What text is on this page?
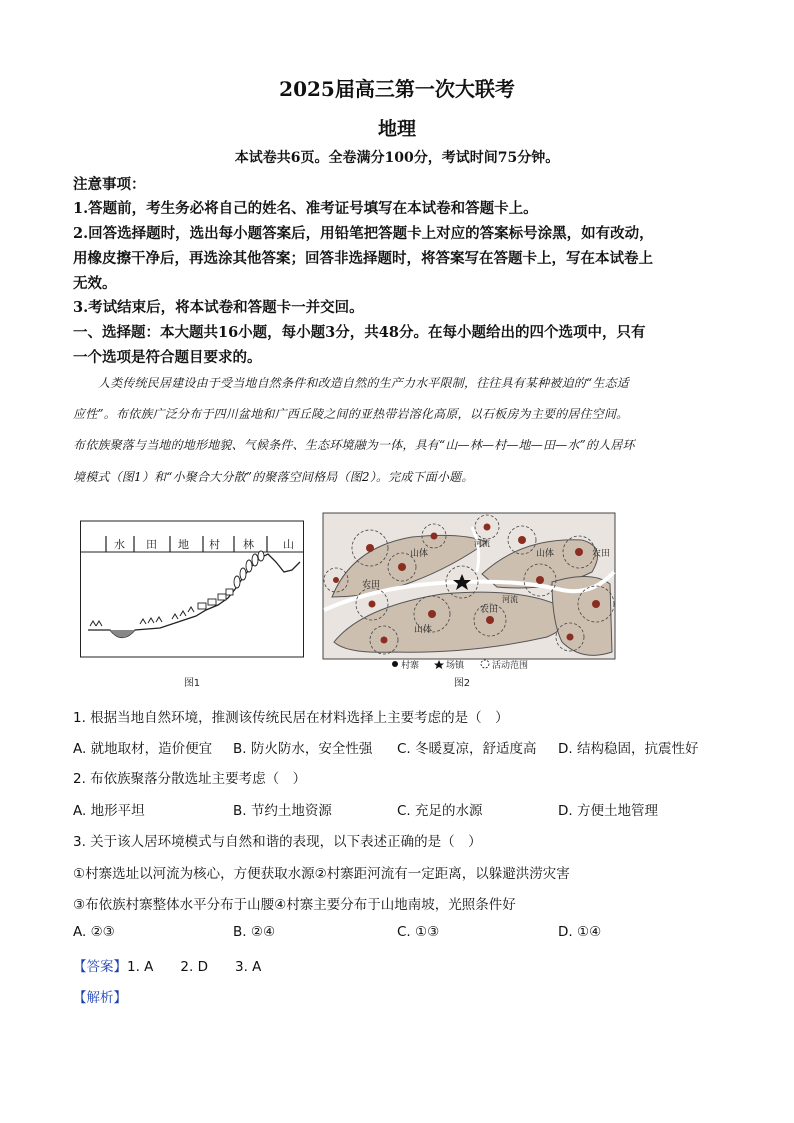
2025届高三第一次大联考
地理
本试卷共6页。全卷满分100分，考试时间75分钟。
注意事项：
1.答题前，考生务必将自己的姓名、准考证号填写在本试卷和答题卡上。
2.回答选择题时，选出每小题答案后，用铅笔把答题卡上对应的答案标号涂黑，如有改动，
用橡皮擦干净后，再选涂其他答案；回答非选择题时，将答案写在答题卡上，写在本试卷上
无效。
3.考试结束后，将本试卷和答题卡一并交回。
一、选择题：本大题共16小题，每小题3分，共48分。在每小题给出的四个选项中，只有
一个选项是符合题目要求的。
人类传统民居建设由于受当地自然条件和改造自然的生产力水平限制，往往具有某种被迫的“生态适
应性”。布依族广泛分布于四川盆地和广西丘陵之间的亚热带岩溶化高原，以石板房为主要的居住空间。
布依族聚落与当地的地形地貌、气候条件、生态环境融为一体，具有“山—林—村—地—田—水”的人居环
境模式（图1）和“小聚合大分散”的聚落空间格局（图2）。完成下面小题。
水 田 地 村 林	山
图1
山体	山体
山体
河流
河流
农田
农田
农田
村寨	场镇	活动范围
图2
1. 根据当地自然环境，推测该传统民居在材料选择上主要考虑的是（　）
A. 就地取材，造价便宜 B. 防火防水，安全性强 C. 冬暖夏凉，舒适度高 D. 结构稳固，抗震性好
2. 布依族聚落分散选址主要考虑（　）
A. 地形平坦	B. 节约土地资源	C. 充足的水源	D. 方便土地管理
3. 关于该人居环境模式与自然和谐的表现，以下表述正确的是（　）
①村寨选址以河流为核心，方便获取水源②村寨距河流有一定距离，以躲避洪涝灾害
③布依族村寨整体水平分布于山腰④村寨主要分布于山地南坡，光照条件好
A. ②③	B. ②④	C. ①③	D. ①④
【答案】1. A　　2. D　　3. A
【解析】
